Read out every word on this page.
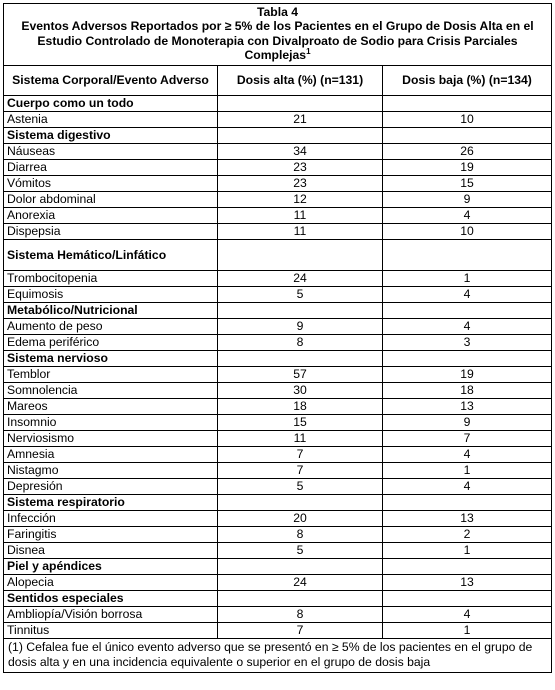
Tabla 4
Eventos Adversos Reportados por ≥ 5% de los Pacientes en el Grupo de Dosis Alta en el Estudio Controlado de Monoterapia con Divalproato de Sodio para Crisis Parciales Complejas$^1$

Sistema Corporal/Evento Adverso	Dosis alta (%) (n=131)	Dosis baja (%) (n=134)
Cuerpo como un todo		
Astenia	21	10
Sistema digestivo		
Náuseas	34	26
Diarrea	23	19
Vómitos	23	15
Dolor abdominal	12	9
Anorexia	11	4
Dispepsia	11	10
Sistema Hemático/Linfático		
Trombocitopenia	24	1
Equimosis	5	4
Metabólico/Nutricional		
Aumento de peso	9	4
Edema periférico	8	3
Sistema nervioso		
Temblor	57	19
Somnolencia	30	18
Mareos	18	13
Insomnio	15	9
Nerviosismo	11	7
Amnesia	7	4
Nistagmo	7	1
Depresión	5	4
Sistema respiratorio		
Infección	20	13
Faringitis	8	2
Disnea	5	1
Piel y apéndices		
Alopecia	24	13
Sentidos especiales		
Ambliopía/Visión borrosa	8	4
Tinnitus	7	1
(1) Cefalea fue el único evento adverso que se presentó en ≥ 5% de los pacientes en el grupo de dosis alta y en una incidencia equivalente o superior en el grupo de dosis baja		
